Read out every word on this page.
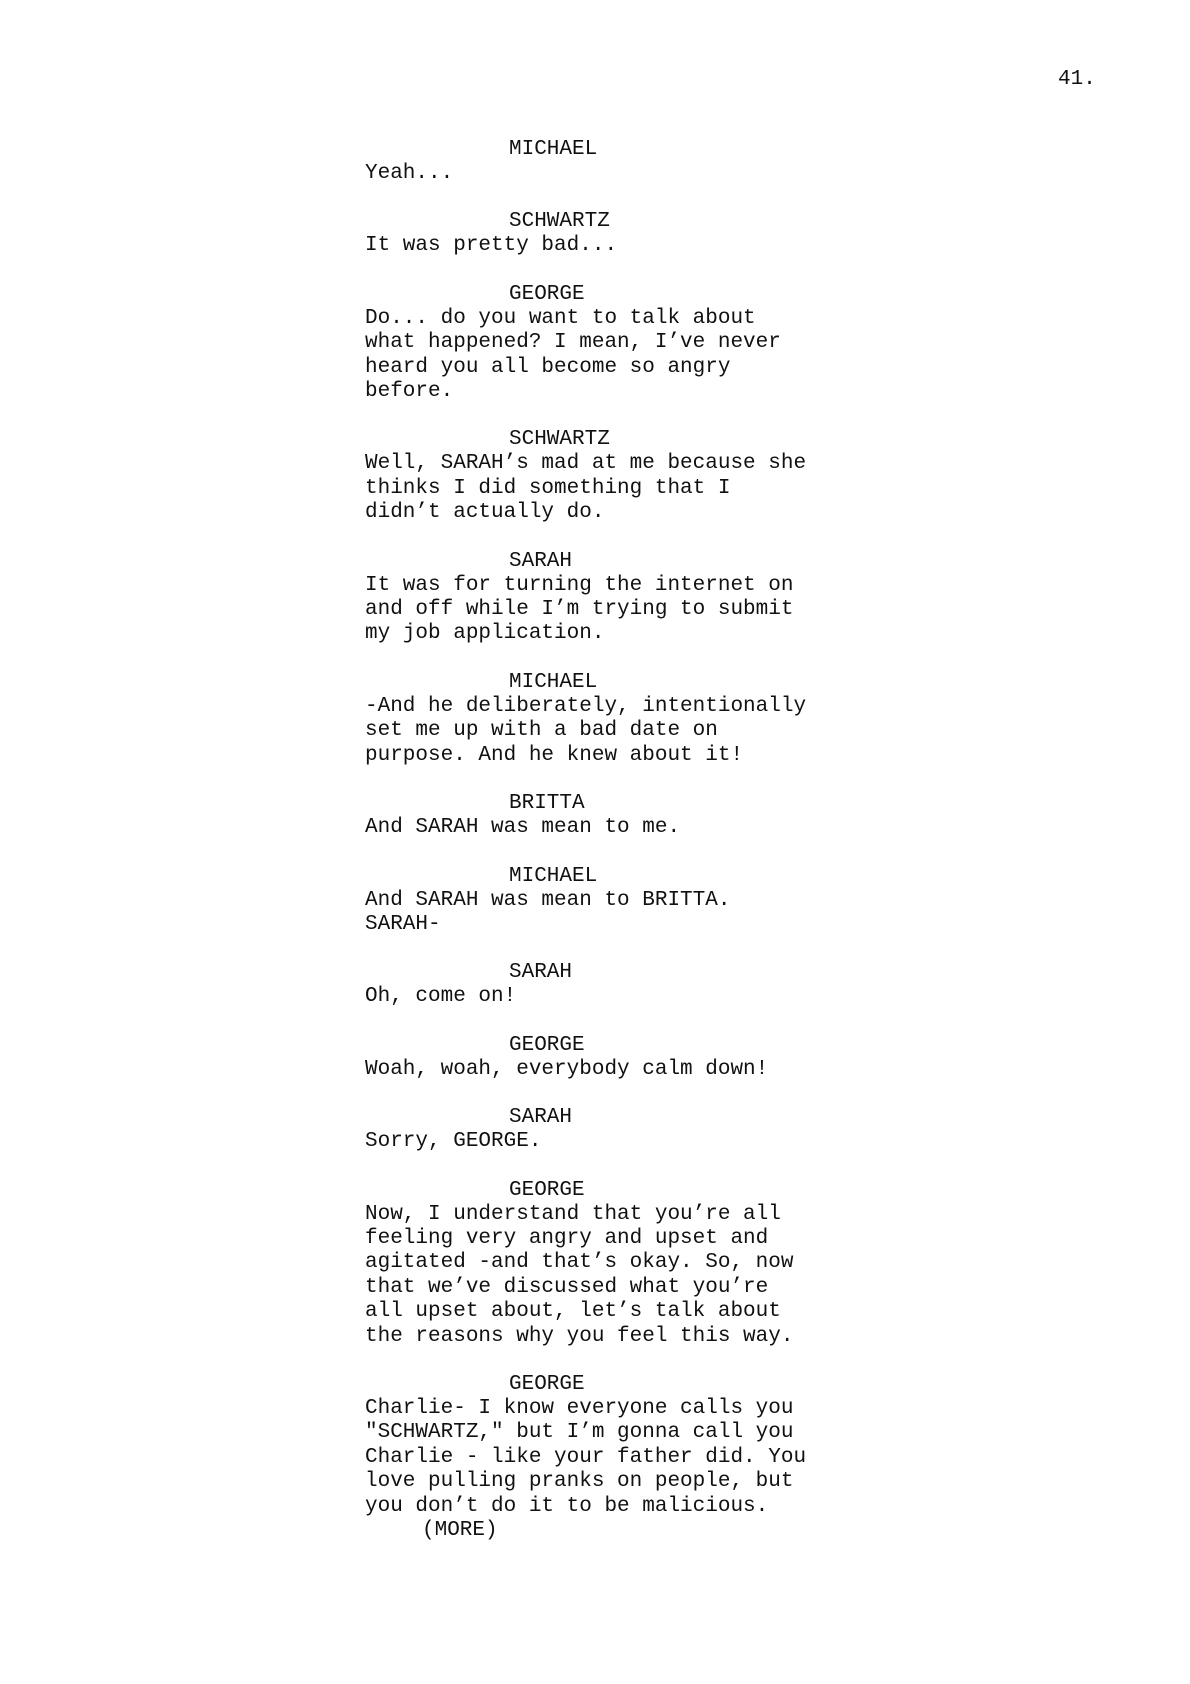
41.
MICHAEL
Yeah...
SCHWARTZ
It was pretty bad...
GEORGE
Do... do you want to talk about
what happened? I mean, I’ve never
heard you all become so angry
before.
SCHWARTZ
Well, SARAH’s mad at me because she
thinks I did something that I
didn’t actually do.
SARAH
It was for turning the internet on
and off while I’m trying to submit
my job application.
MICHAEL
-And he deliberately, intentionally
set me up with a bad date on
purpose. And he knew about it!
BRITTA
And SARAH was mean to me.
MICHAEL
And SARAH was mean to BRITTA.
SARAH-
SARAH
Oh, come on!
GEORGE
Woah, woah, everybody calm down!
SARAH
Sorry, GEORGE.
GEORGE
Now, I understand that you’re all
feeling very angry and upset and
agitated -and that’s okay. So, now
that we’ve discussed what you’re
all upset about, let’s talk about
the reasons why you feel this way.
GEORGE
Charlie- I know everyone calls you
"SCHWARTZ," but I’m gonna call you
Charlie - like your father did. You
love pulling pranks on people, but
you don’t do it to be malicious.
(MORE)
